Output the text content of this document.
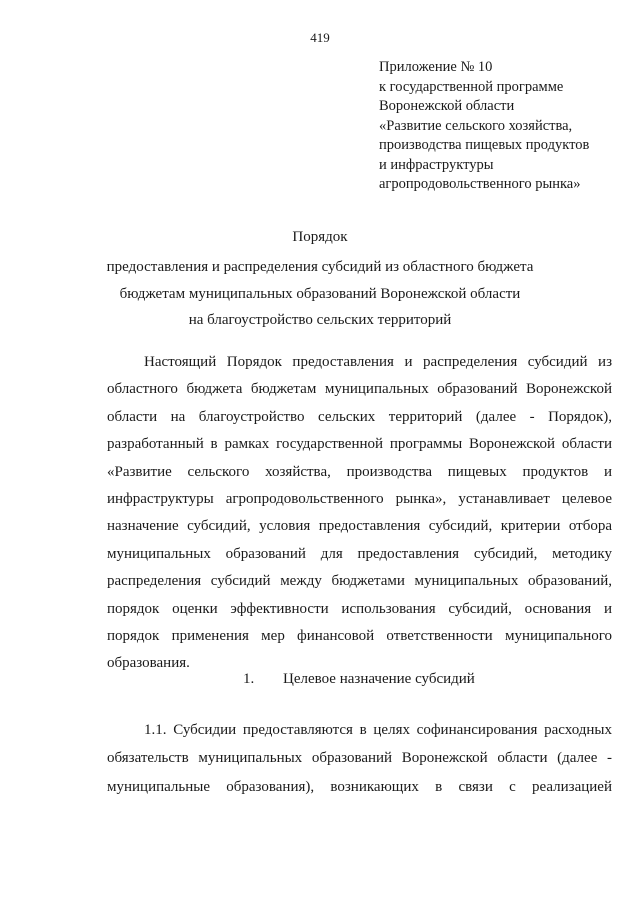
419
Приложение № 10
к государственной программе
Воронежской области
«Развитие сельского хозяйства,
производства пищевых продуктов
и инфраструктуры
агропродовольственного рынка»
Порядок
предоставления и распределения субсидий из областного бюджета
бюджетам муниципальных образований Воронежской области
на благоустройство сельских территорий
Настоящий Порядок предоставления и распределения субсидий из
областного бюджета бюджетам муниципальных образований Воронежской
области на благоустройство сельских территорий (далее - Порядок),
разработанный в рамках государственной программы Воронежской области
«Развитие сельского хозяйства, производства пищевых продуктов и
инфраструктуры агропродовольственного рынка», устанавливает целевое
назначение субсидий, условия предоставления субсидий, критерии отбора
муниципальных образований для предоставления субсидий, методику
распределения субсидий между бюджетами муниципальных образований,
порядок оценки эффективности использования субсидий, основания и
порядок применения мер финансовой ответственности муниципального
образования.
1. Целевое назначение субсидий
1.1. Субсидии предоставляются в целях софинансирования расходных
обязательств муниципальных образований Воронежской области (далее -
муниципальные образования), возникающих в связи с реализацией
